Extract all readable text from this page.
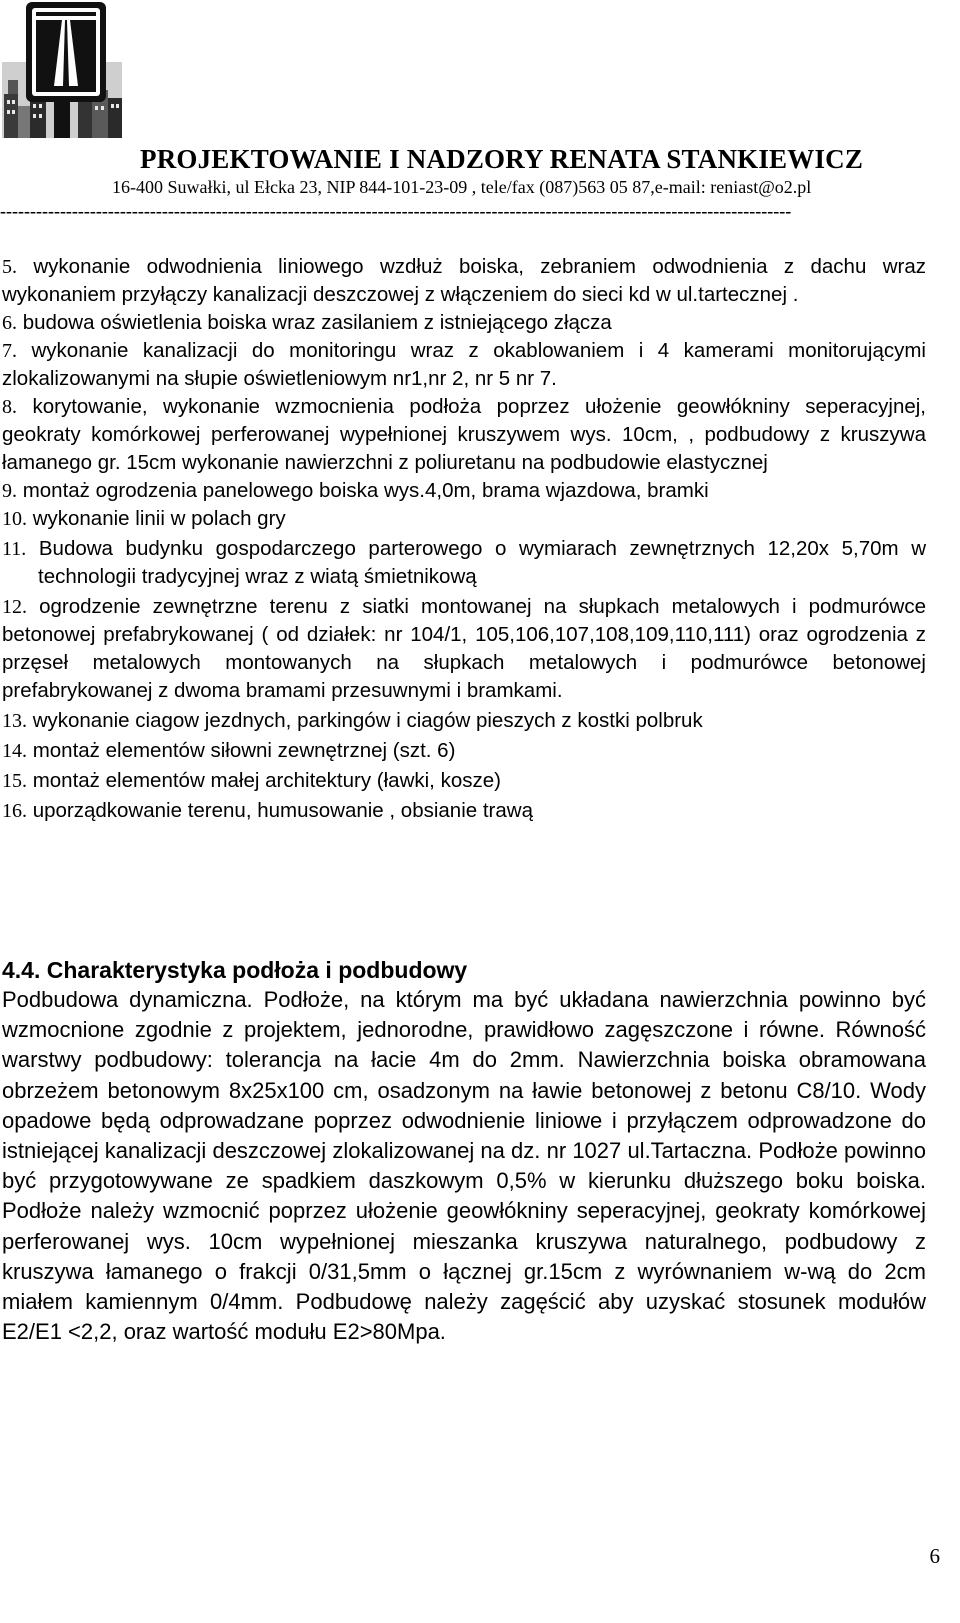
PROJEKTOWANIE I NADZORY RENATA STANKIEWICZ
16-400 Suwałki, ul Ełcka 23, NIP 844-101-23-09 , tele/fax (087)563 05 87,e-mail: reniast@o2.pl
------------------------------------------------------------------------------------------------------------------------------------

5. wykonanie odwodnienia liniowego wzdłuż boiska, zebraniem odwodnienia z dachu wraz wykonaniem przyłączy kanalizacji deszczowej z włączeniem do sieci kd w ul.tartecznej .

6. budowa oświetlenia boiska wraz zasilaniem z istniejącego złącza

7. wykonanie kanalizacji do monitoringu wraz z okablowaniem i 4 kamerami monitorującymi zlokalizowanymi na słupie oświetleniowym nr1,nr 2, nr 5 nr 7.

8. korytowanie, wykonanie wzmocnienia podłoża poprzez ułożenie geowłókniny seperacyjnej, geokraty komórkowej perferowanej wypełnionej kruszywem wys. 10cm, , podbudowy z kruszywa łamanego gr. 15cm wykonanie nawierzchni z poliuretanu na podbudowie elastycznej

9. montaż ogrodzenia panelowego boiska wys.4,0m, brama wjazdowa, bramki

10. wykonanie linii w polach gry

11. Budowa budynku gospodarczego parterowego o wymiarach zewnętrznych 12,20x 5,70m w technologii tradycyjnej wraz z wiatą śmietnikową

12. ogrodzenie zewnętrzne terenu z siatki montowanej na słupkach metalowych i podmurówce betonowej prefabrykowanej ( od działek: nr 104/1, 105,106,107,108,109,110,111) oraz ogrodzenia z przęseł metalowych montowanych na słupkach metalowych i podmurówce betonowej prefabrykowanej z dwoma bramami przesuwnymi i bramkami.

13. wykonanie ciagow jezdnych, parkingów i ciagów pieszych z kostki polbruk

14. montaż elementów siłowni zewnętrznej (szt. 6)

15. montaż elementów małej architektury (ławki, kosze)

16. uporządkowanie terenu, humusowanie , obsianie trawą

4.4. Charakterystyka podłoża i podbudowy

Podbudowa dynamiczna. Podłoże, na którym ma być układana nawierzchnia powinno być wzmocnione zgodnie z projektem, jednorodne, prawidłowo zagęszczone i równe. Równość warstwy podbudowy: tolerancja na łacie 4m do 2mm. Nawierzchnia boiska obramowana obrzeżem betonowym 8x25x100 cm, osadzonym na ławie betonowej z betonu C8/10. Wody opadowe będą odprowadzane poprzez odwodnienie liniowe i przyłączem odprowadzone do istniejącej kanalizacji deszczowej zlokalizowanej na dz. nr 1027 ul.Tartaczna. Podłoże powinno być przygotowywane ze spadkiem daszkowym 0,5% w kierunku dłuższego boku boiska. Podłoże należy wzmocnić poprzez ułożenie geowłókniny seperacyjnej, geokraty komórkowej perferowanej wys. 10cm wypełnionej mieszanka kruszywa naturalnego, podbudowy z kruszywa łamanego o frakcji 0/31,5mm o łącznej gr.15cm z wyrównaniem w-wą do 2cm miałem kamiennym 0/4mm. Podbudowę należy zagęścić aby uzyskać stosunek modułów E2/E1 <2,2, oraz wartość modułu E2>80Mpa.

6
